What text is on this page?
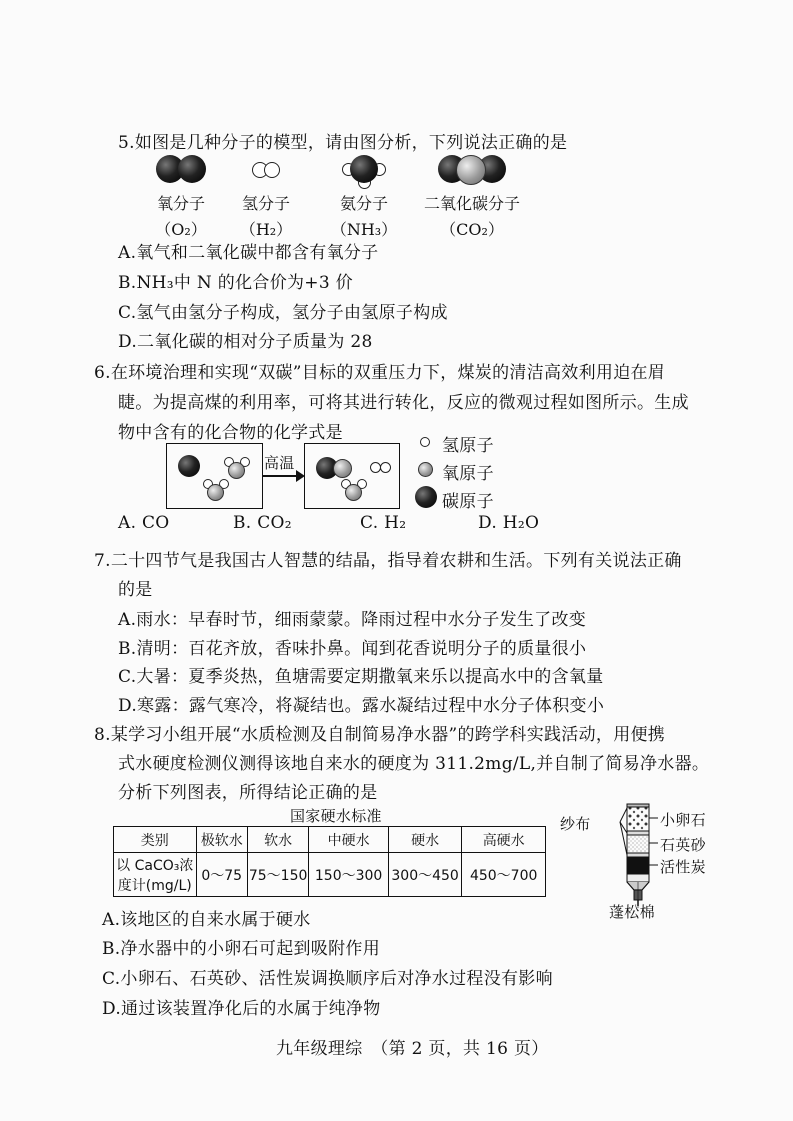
5.如图是几种分子的模型，请由图分析，下列说法正确的是
氧分子
（O₂）
氢分子
（H₂）
氨分子
（NH₃）
二氧化碳分子
（CO₂）
A.氧气和二氧化碳中都含有氧分子
B.NH₃中 N 的化合价为+3 价
C.氢气由氢分子构成，氢分子由氢原子构成
D.二氧化碳的相对分子质量为 28
6.在环境治理和实现“双碳”目标的双重压力下，煤炭的清洁高效利用迫在眉
睫。为提高煤的利用率，可将其进行转化，反应的微观过程如图所示。生成
物中含有的化合物的化学式是
高温
氢原子
氧原子
碳原子
A. CO	B. CO₂	C. H₂	D. H₂O
7.二十四节气是我国古人智慧的结晶，指导着农耕和生活。下列有关说法正确
的是
A.雨水：早春时节，细雨蒙蒙。降雨过程中水分子发生了改变
B.清明：百花齐放，香味扑鼻。闻到花香说明分子的质量很小
C.大暑：夏季炎热，鱼塘需要定期撒氧来乐以提高水中的含氧量
D.寒露：露气寒冷，将凝结也。露水凝结过程中水分子体积变小
8.某学习小组开展“水质检测及自制简易净水器”的跨学科实践活动，用便携
式水硬度检测仪测得该地自来水的硬度为 311.2mg/L,并自制了简易净水器。
分析下列图表，所得结论正确的是
国家硬水标准
类别	极软水	软水	中硬水	硬水	高硬水
以 CaCO₃浓
度计(mg/L)	0～75	75～150	150～300	300～450	450～700
纱布	小卵石
石英砂
活性炭
蓬松棉
A.该地区的自来水属于硬水
B.净水器中的小卵石可起到吸附作用
C.小卵石、石英砂、活性炭调换顺序后对净水过程没有影响
D.通过该装置净化后的水属于纯净物
九年级理综　（第 2 页，共 16 页）
